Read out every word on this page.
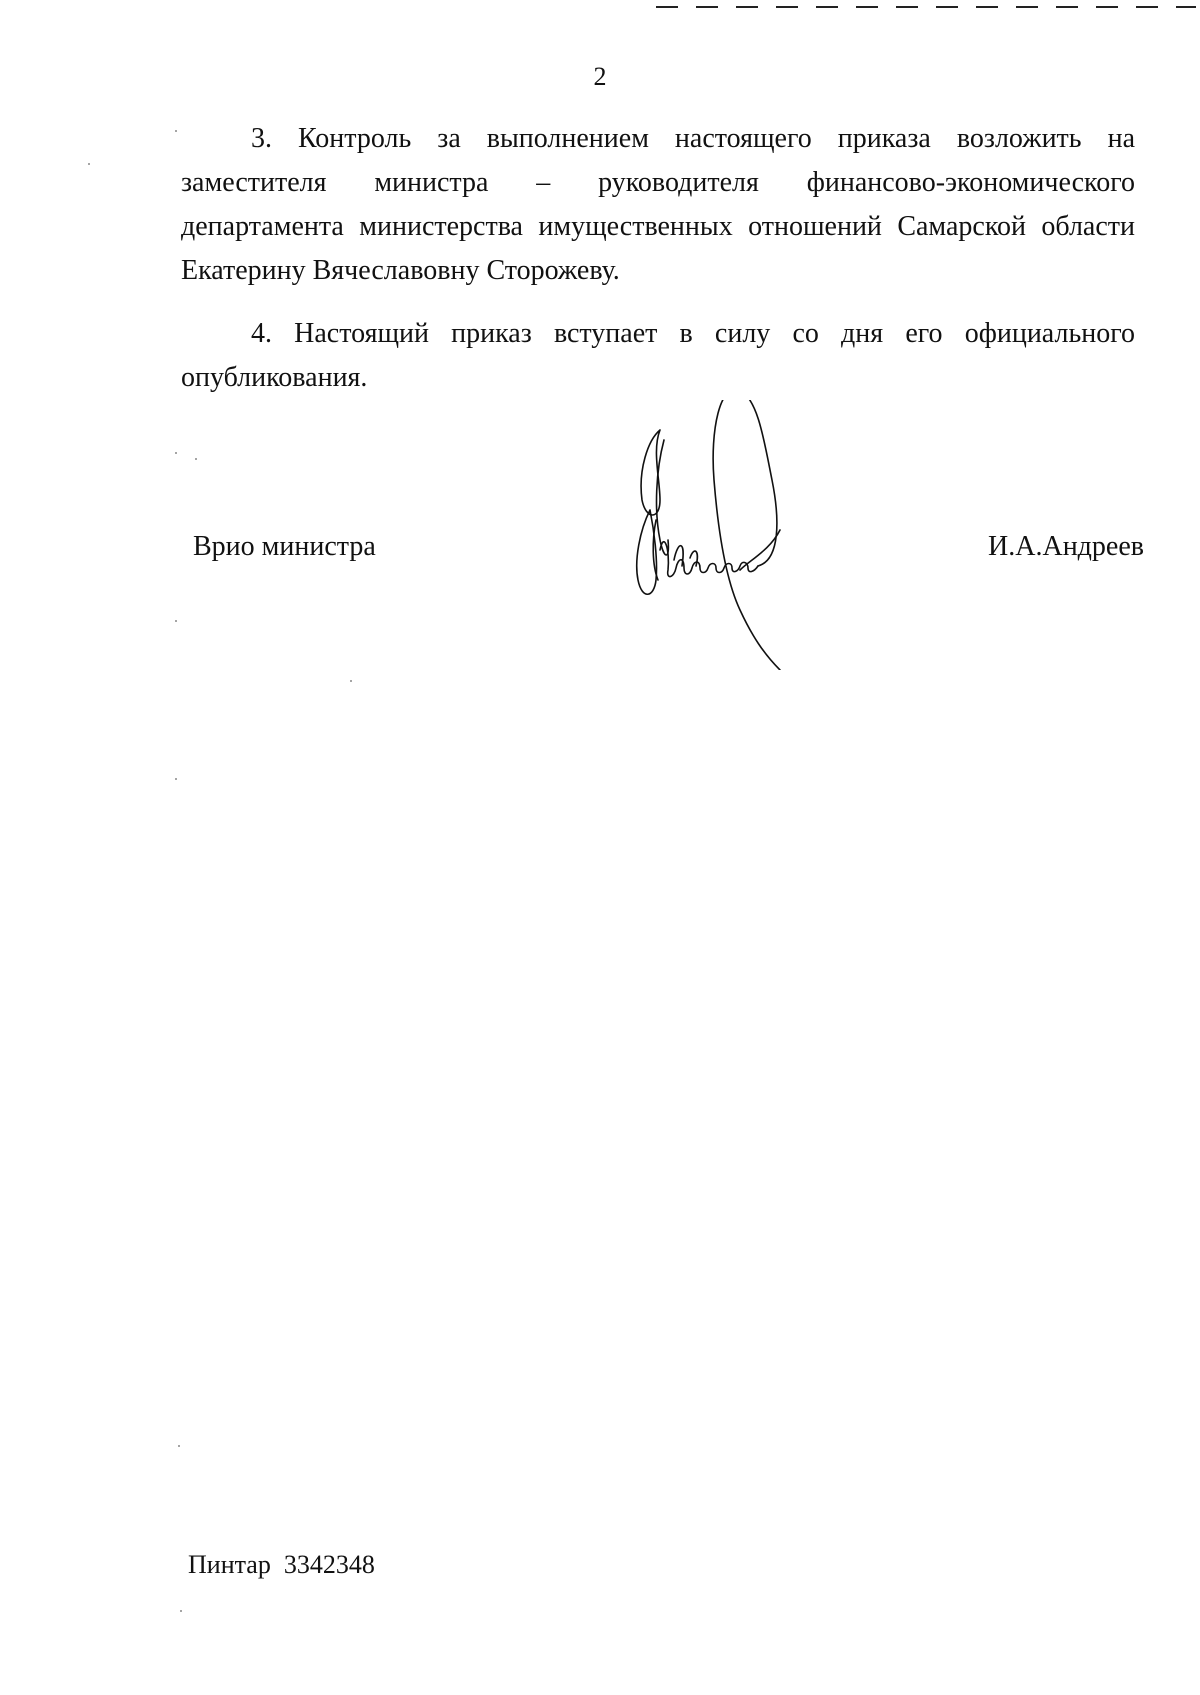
2
3. Контроль за выполнением настоящего приказа возложить на
заместителя министра – руководителя финансово-экономического
департамента министерства имущественных отношений Самарской области
Екатерину Вячеславовну Сторожеву.
4. Настоящий приказ вступает в силу со дня его официального
опубликования.
Врио министра	И.А.Андреев
Пинтар  3342348
